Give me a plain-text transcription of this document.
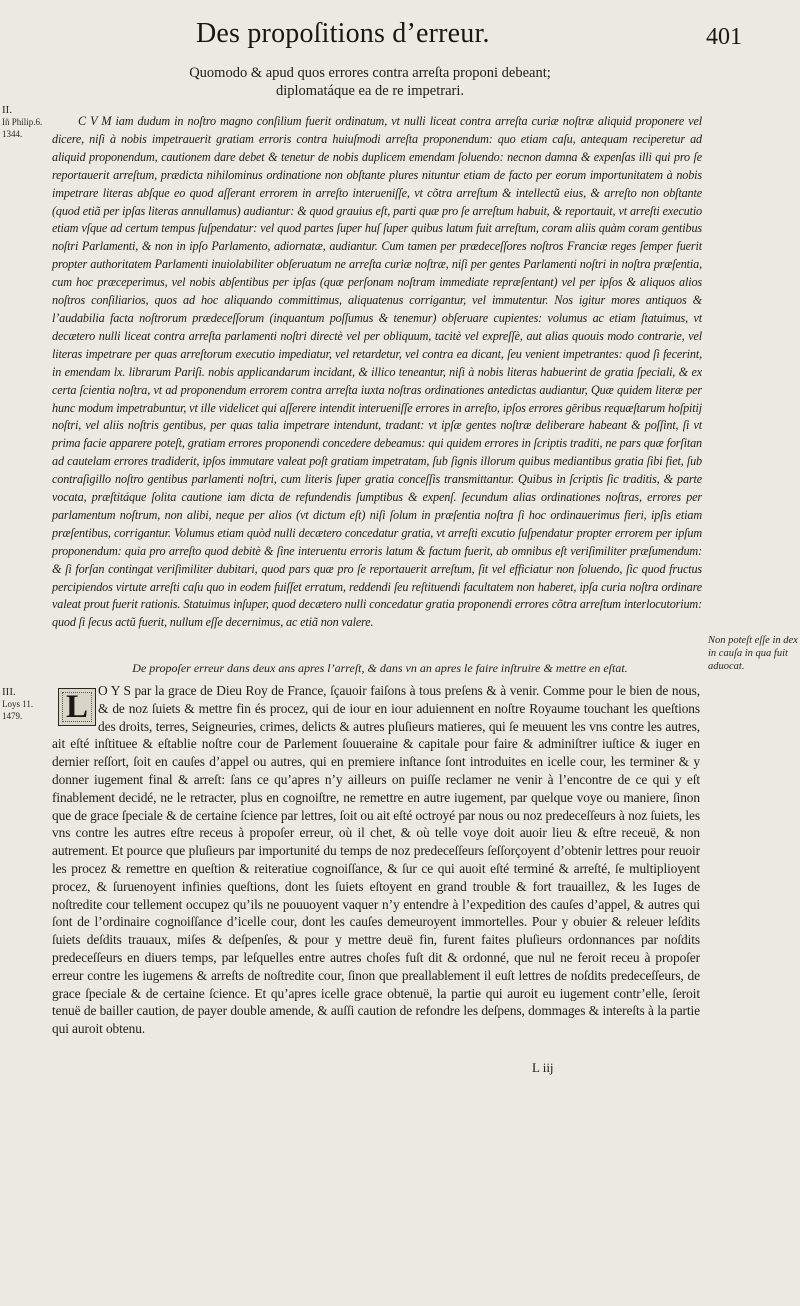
Des propoſitions d’erreur.	401
Quomodo & apud quos errores contra arreſta proponi debeant;
diplomatáque ea de re impetrari.
II.
Iñ Philip.6.
1344.

C V M iam dudum in noſtro magno conſilium fuerit ordinatum, vt nulli liceat contra arreſta curiæ noſtræ aliquid proponere vel dicere, niſi à nobis impetrauerit gratiam erroris contra huiuſmodi arreſta proponendum: quo etiam caſu, antequam reciperetur ad aliquid proponendum, cautionem dare debet & tenetur de nobis duplicem emendam ſoluendo: necnon damna & expenſas illi qui pro ſe reportauerit arreſtum, prædicta nihilominus ordinatione non obſtante plures nituntur etiam de facto per eorum importunitatem à nobis impetrare literas abſque eo quod aſſerant errorem in arreſto interueniſſe, vt cõtra arreſtum & intellectũ eius, & arreſto non obſtante (quod etiã per ipſas literas annullamus) audiantur: & quod grauius eſt, parti quæ pro ſe arreſtum habuit, & reportauit, vt arreſti executio etiam vſque ad certum tempus ſuſpendatur: vel quod partes ſuper huſ ſuper quibus latum fuit arreſtum, coram aliis quàm coram gentibus noſtri Parlamenti, & non in ipſo Parlamento, adiornatæ, audiantur. Cum tamen per prædeceſſores noſtros Franciæ reges ſemper fuerit propter authoritatem Parlamenti inuiolabiliter obſeruatum ne arreſta curiæ noſtræ, niſi per gentes Parlamenti noſtri in noſtra præſentia, cum hoc præceperimus, vel nobis abſentibus per ipſas (quæ perſonam noſtram immediate repræſentant) vel per ipſos & aliquos alios noſtros conſiliarios, quos ad hoc aliquando committimus, aliquatenus corrigantur, vel immutentur. Nos igitur mores antiquos & l’audabilia facta noſtrorum prædeceſſorum (inquantum poſſumus & tenemur) obſeruare cupientes: volumus ac etiam ſtatuimus, vt decætero nulli liceat contra arreſta parlamenti noſtri directè vel per obliquum, tacitè vel expreſſè, aut alias quouis modo contrarie, vel literas impetrare per quas arreſtorum executio impediatur, vel retardetur, vel contra ea dicant, ſeu venient impetrantes: quod ſi fecerint, in emendam lx. librarum Pariſi. nobis applicandarum incidant, & illico teneantur, niſi à nobis literas habuerint de gratia ſpeciali, & ex certa ſcientia noſtra, vt ad proponendum errorem contra arreſta iuxta noſtras ordinationes antedictas audiantur, Quæ quidem literæ per hunc modum impetrabuntur, vt ille videlicet qui aſſerere intendit interueniſſe errores in arreſto, ipſos errores gēribus requæſtarum hoſpitij noſtri, vel aliis noſtris gentibus, per quas talia impetrare intendunt, tradant: vt ipſæ gentes noſtræ deliberare habeant & poſſint, ſi vt prima facie apparere poteſt, gratiam errores proponendi concedere debeamus: qui quidem errores in ſcriptis traditi, ne pars quæ forſitan ad cautelam errores tradiderit, ipſos immutare valeat poſt gratiam impetratam, ſub ſignis illorum quibus mediantibus gratia ſibi fiet, ſub contraſigillo noſtro gentibus parlamenti noſtri, cum literis ſuper gratia conceſſis transmittantur. Quibus in ſcriptis ſic traditis, & parte vocata, præſtitáque ſolita cautione iam dicta de refundendis ſumptibus & expenſ. ſecundum alias ordinationes noſtras, errores per parlamentum noſtrum, non alibi, neque per alios (vt dictum eſt) niſi ſolum in præſentia noſtra ſi hoc ordinauerimus fieri, ipſis etiam præſentibus, corrigantur. Volumus etiam quòd nulli decætero concedatur gratia, vt arreſti excutio ſuſpendatur propter errorem per ipſum proponendum: quia pro arreſto quod debitè & ſine interuentu erroris latum & factum fuerit, ab omnibus eſt veriſimiliter præſumendum: & ſi forſan contingat veriſimiliter dubitari, quod pars quæ pro ſe reportauerit arreſtum, ſit vel efficiatur non ſoluendo, ſic quod fructus percipiendos virtute arreſti caſu quo in eodem fuiſſet erratum, reddendi ſeu reſtituendi facultatem non haberet, ipſa curia noſtra ordinare valeat prout fuerit rationis. Statuimus inſuper, quod decætero nulli concedatur gratia proponendi errores cõtra arreſtum interlocutorium: quod ſi ſecus actũ fuerit, nullum eſſe decernimus, ac etiã non valere.

Non poteſt eſſe in dex in cauſa in qua fuit aduocat.
De propoſer erreur dans deux ans apres l’arreſt, & dans vn an apres le faire inſtruire & mettre en eſtat.
III.
Loys 11.
1479.

O Y S par la grace de Dieu Roy de France, ſçauoir faiſons à tous preſens & à venir. Comme pour le bien de nous, & de noz ſuiets & mettre fin és procez, qui de iour en iour aduiennent en noſtre Royaume touchant les queſtions des droits, terres, Seigneuries, crimes, delicts & autres pluſieurs matieres, qui ſe meuuent les vns contre les autres, ait eſté inſtituee & eſtablie noſtre cour de Parlement ſouueraine & capitale pour faire & adminiſtrer iuſtice & iuger en dernier reſſort, ſoit en cauſes d’appel ou autres, qui en premiere inſtance ſont introduites en icelle cour, les terminer & y donner iugement final & arreſt: ſans ce qu’apres n’y ailleurs on puiſſe reclamer ne venir à l’encontre de ce qui y eſt finablement decidé, ne le retracter, plus en cognoiſtre, ne remettre en autre iugement, par quelque voye ou maniere, ſinon que de grace ſpeciale & de certaine ſcience par lettres, ſoit ou ait eſté octroyé par nous ou noz predeceſſeurs à noz ſuiets, les vns contre les autres eſtre receus à propoſer erreur, où il chet, & où telle voye doit auoir lieu & eſtre receuë, & non autrement. Et pource que pluſieurs par importunité du temps de noz predeceſſeurs ſeſſorçoyent d’obtenir lettres pour reuoir les procez & remettre en queſtion & reiteratiue cognoiſſance, & ſur ce qui auoit eſté terminé & arreſté, ſe multiplioyent procez, & ſuruenoyent infinies queſtions, dont les ſuiets eſtoyent en grand trouble & fort trauaillez, & les Iuges de noſtredite cour tellement occupez qu’ils ne pouuoyent vaquer n’y entendre à l’expedition des cauſes d’appel, & autres qui ſont de l’ordinaire cognoiſſance d’icelle cour, dont les cauſes demeuroyent immortelles. Pour y obuier & releuer leſdits ſuiets deſdits trauaux, miſes & deſpenſes, & pour y mettre deuë fin, furent faites pluſieurs ordonnances par noſdits predeceſſeurs en diuers temps, par leſquelles entre autres choſes fuſt dit & ordonné, que nul ne feroit receu à propoſer erreur contre les iugemens & arreſts de noſtredite cour, ſinon que preallablement il euſt lettres de noſdits predeceſſeurs, de grace ſpeciale & de certaine ſcience. Et qu’apres icelle grace obtenuë, la partie qui auroit eu iugement contr’elle, ſeroit tenuë de bailler caution, de payer double amende, & auſſi caution de refondre les deſpens, dommages & intereſts à la partie qui auroit obtenu.

L
L iij
